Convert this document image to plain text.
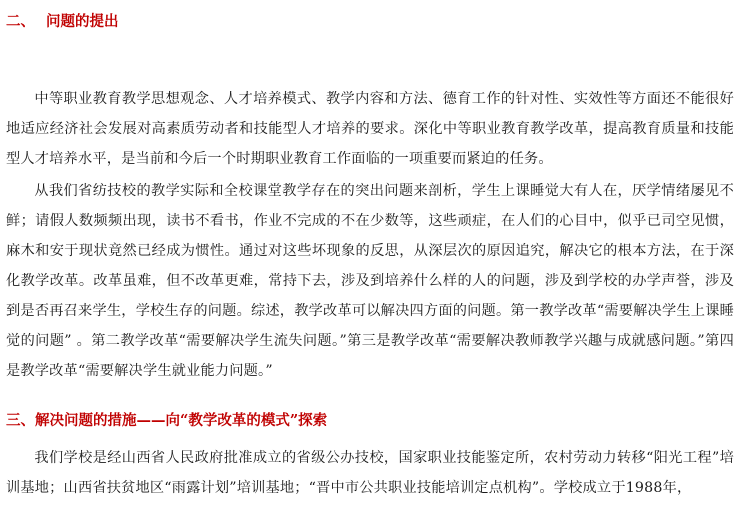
二、 问题的提出

中等职业教育教学思想观念、人才培养模式、教学内容和方法、德育工作的针对性、实效性等方面还不能很好地适应经济社会发展对高素质劳动者和技能型人才培养的要求。深化中等职业教育教学改革，提高教育质量和技能型人才培养水平，是当前和今后一个时期职业教育工作面临的一项重要而紧迫的任务。

从我们省纺技校的教学实际和全校课堂教学存在的突出问题来剖析，学生上课睡觉大有人在，厌学情绪屡见不鲜；请假人数频频出现，读书不看书，作业不完成的不在少数等，这些顽症，在人们的心目中，似乎已司空见惯，麻木和安于现状竟然已经成为惯性。通过对这些坏现象的反思，从深层次的原因追究，解决它的根本方法，在于深化教学改革。改革虽难，但不改革更难，常持下去，涉及到培养什么样的人的问题，涉及到学校的办学声誉，涉及到是否再召来学生，学校生存的问题。综述，教学改革可以解决四方面的问题。第一教学改革“需要解决学生上课睡觉的问题” 。第二教学改革“需要解决学生流失问题。”第三是教学改革“需要解决教师教学兴趣与成就感问题。”第四是教学改革“需要解决学生就业能力问题。”

三、解决问题的措施——向“教学改革的模式”探索

我们学校是经山西省人民政府批准成立的省级公办技校，国家职业技能鉴定所，农村劳动力转移“阳光工程”培训基地；山西省扶贫地区“雨露计划”培训基地；“晋中市公共职业技能培训定点机构”。学校成立于1988年，
